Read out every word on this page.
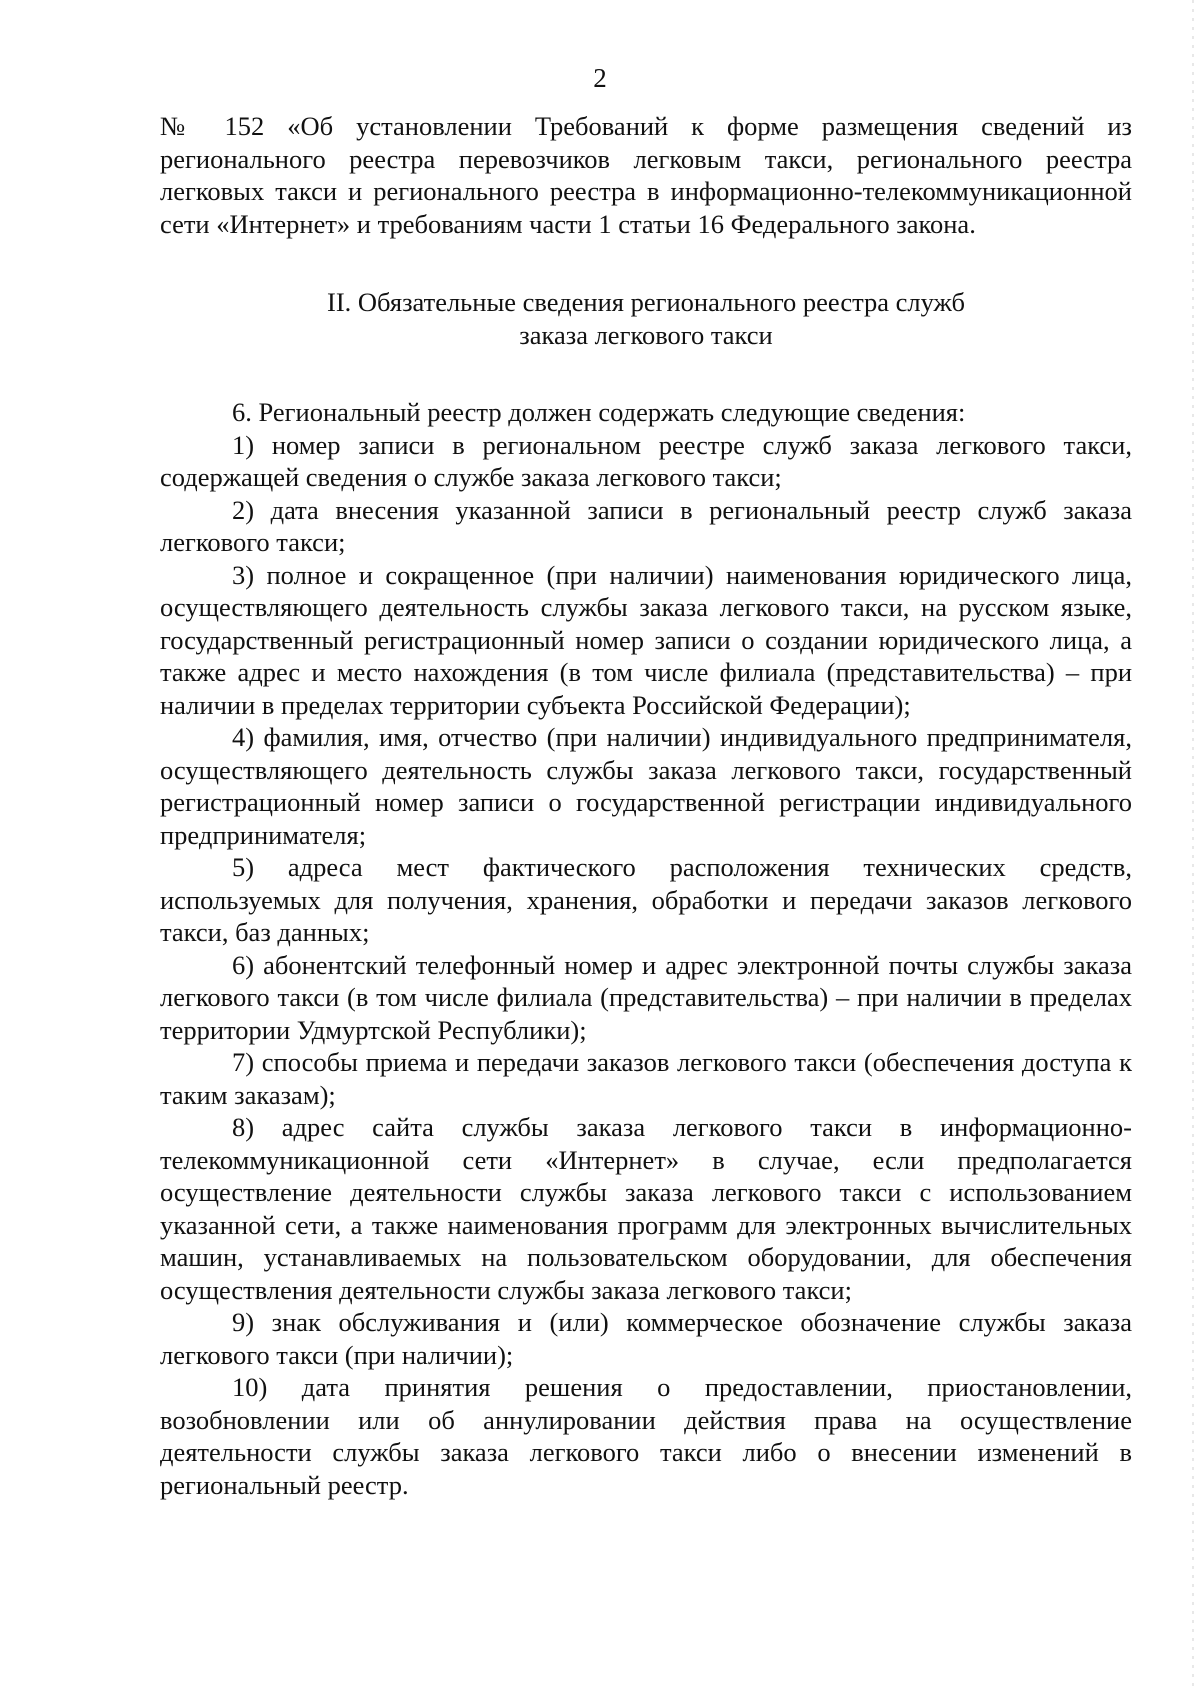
2

№ 152 «Об установлении Требований к форме размещения сведений из регионального реестра перевозчиков легковым такси, регионального реестра легковых такси и регионального реестра в информационно-телекоммуникационной сети «Интернет» и требованиям части 1 статьи 16 Федерального закона.

II. Обязательные сведения регионального реестра служб
заказа легкового такси

6. Региональный реестр должен содержать следующие сведения:

1) номер записи в региональном реестре служб заказа легкового такси, содержащей сведения о службе заказа легкового такси;

2) дата внесения указанной записи в региональный реестр служб заказа легкового такси;

3) полное и сокращенное (при наличии) наименования юридического лица, осуществляющего деятельность службы заказа легкового такси, на русском языке, государственный регистрационный номер записи о создании юридического лица, а также адрес и место нахождения (в том числе филиала (представительства) – при наличии в пределах территории субъекта Российской Федерации);

4) фамилия, имя, отчество (при наличии) индивидуального предпринимателя, осуществляющего деятельность службы заказа легкового такси, государственный регистрационный номер записи о государственной регистрации индивидуального предпринимателя;

5) адреса мест фактического расположения технических средств, используемых для получения, хранения, обработки и передачи заказов легкового такси, баз данных;

6) абонентский телефонный номер и адрес электронной почты службы заказа легкового такси (в том числе филиала (представительства) – при наличии в пределах территории Удмуртской Республики);

7) способы приема и передачи заказов легкового такси (обеспечения доступа к таким заказам);

8) адрес сайта службы заказа легкового такси в информационно-телекоммуникационной сети «Интернет» в случае, если предполагается осуществление деятельности службы заказа легкового такси с использованием указанной сети, а также наименования программ для электронных вычислительных машин, устанавливаемых на пользовательском оборудовании, для обеспечения осуществления деятельности службы заказа легкового такси;

9) знак обслуживания и (или) коммерческое обозначение службы заказа легкового такси (при наличии);

10) дата принятия решения о предоставлении, приостановлении, возобновлении или об аннулировании действия права на осуществление деятельности службы заказа легкового такси либо о внесении изменений в региональный реестр.
